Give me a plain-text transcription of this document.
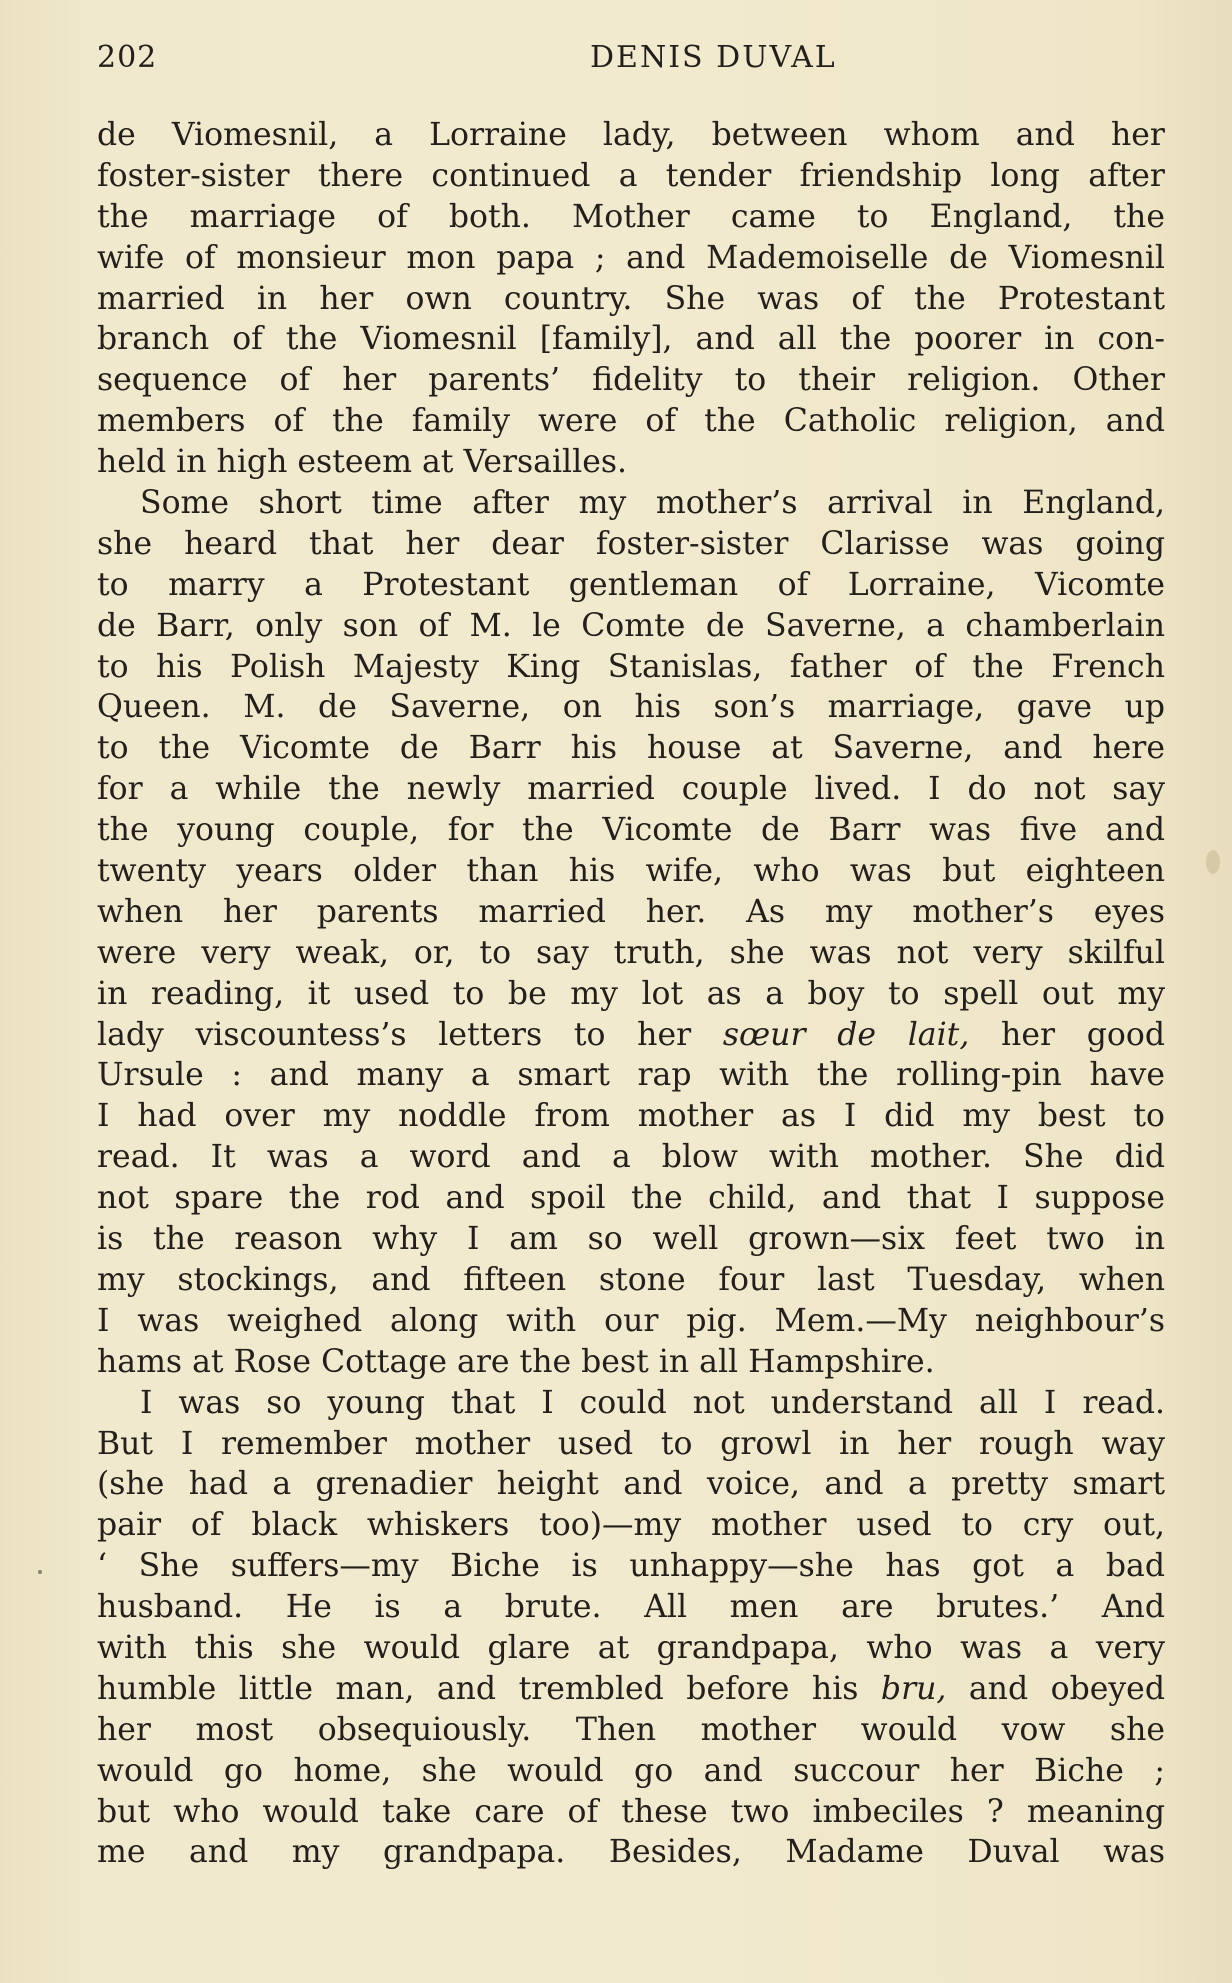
202	DENIS DUVAL
de Viomesnil, a Lorraine lady, between whom and her
foster-sister there continued a tender friendship long after
the marriage of both. Mother came to England, the
wife of monsieur mon papa ; and Mademoiselle de Viomesnil
married in her own country. She was of the Protestant
branch of the Viomesnil [family], and all the poorer in con-
sequence of her parents’ fidelity to their religion. Other
members of the family were of the Catholic religion, and
held in high esteem at Versailles.
Some short time after my mother’s arrival in England,
she heard that her dear foster-sister Clarisse was going
to marry a Protestant gentleman of Lorraine, Vicomte
de Barr, only son of M. le Comte de Saverne, a chamberlain
to his Polish Majesty King Stanislas, father of the French
Queen. M. de Saverne, on his son’s marriage, gave up
to the Vicomte de Barr his house at Saverne, and here
for a while the newly married couple lived. I do not say
the young couple, for the Vicomte de Barr was five and
twenty years older than his wife, who was but eighteen
when her parents married her. As my mother’s eyes
were very weak, or, to say truth, she was not very skilful
in reading, it used to be my lot as a boy to spell out my
lady viscountess’s letters to her sœur de lait, her good
Ursule : and many a smart rap with the rolling-pin have
I had over my noddle from mother as I did my best to
read. It was a word and a blow with mother. She did
not spare the rod and spoil the child, and that I suppose
is the reason why I am so well grown—six feet two in
my stockings, and fifteen stone four last Tuesday, when
I was weighed along with our pig. Mem.—My neighbour’s
hams at Rose Cottage are the best in all Hampshire.
I was so young that I could not understand all I read.
But I remember mother used to growl in her rough way
(she had a grenadier height and voice, and a pretty smart
pair of black whiskers too)—my mother used to cry out,
‘ She suffers—my Biche is unhappy—she has got a bad
husband. He is a brute. All men are brutes.’ And
with this she would glare at grandpapa, who was a very
humble little man, and trembled before his bru, and obeyed
her most obsequiously. Then mother would vow she
would go home, she would go and succour her Biche ;
but who would take care of these two imbeciles ? meaning
me and my grandpapa. Besides, Madame Duval was
